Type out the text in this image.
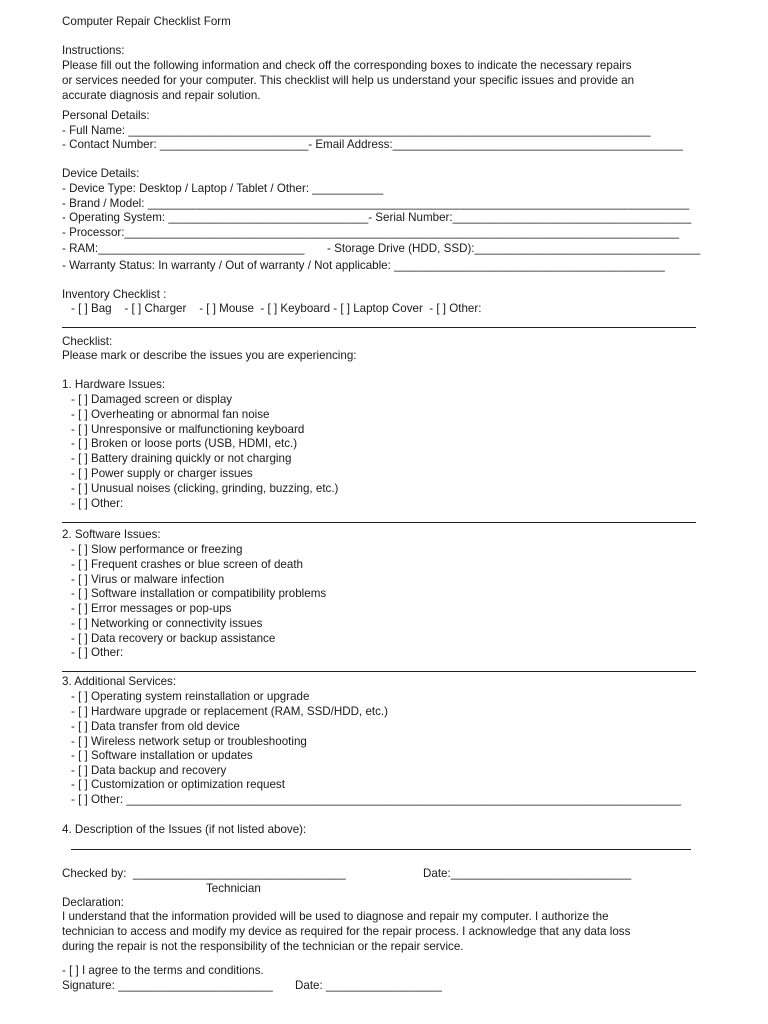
Computer Repair Checklist Form
Instructions:
Please fill out the following information and check off the corresponding boxes to indicate the necessary repairs
or services needed for your computer. This checklist will help us understand your specific issues and provide an
accurate diagnosis and repair solution.
Personal Details:
- Full Name: _________________________________________________________________________________
- Contact Number: _______________________- Email Address:_____________________________________________
Device Details:
- Device Type: Desktop / Laptop / Tablet / Other: ___________
- Brand / Model: ____________________________________________________________________________________
- Operating System: _______________________________- Serial Number:_____________________________________
- Processor:______________________________________________________________________________________
- RAM:________________________________ - Storage Drive (HDD, SSD):___________________________________
- Warranty Status: In warranty / Out of warranty / Not applicable: __________________________________________
Inventory Checklist :
- [ ] Bag    - [ ] Charger    - [ ] Mouse  - [ ] Keyboard - [ ] Laptop Cover  - [ ] Other:
Checklist:
Please mark or describe the issues you are experiencing:
1. Hardware Issues:
- [ ] Damaged screen or display
- [ ] Overheating or abnormal fan noise
- [ ] Unresponsive or malfunctioning keyboard
- [ ] Broken or loose ports (USB, HDMI, etc.)
- [ ] Battery draining quickly or not charging
- [ ] Power supply or charger issues
- [ ] Unusual noises (clicking, grinding, buzzing, etc.)
- [ ] Other:
2. Software Issues:
- [ ] Slow performance or freezing
- [ ] Frequent crashes or blue screen of death
- [ ] Virus or malware infection
- [ ] Software installation or compatibility problems
- [ ] Error messages or pop-ups
- [ ] Networking or connectivity issues
- [ ] Data recovery or backup assistance
- [ ] Other:
3. Additional Services:
- [ ] Operating system reinstallation or upgrade
- [ ] Hardware upgrade or replacement (RAM, SSD/HDD, etc.)
- [ ] Data transfer from old device
- [ ] Wireless network setup or troubleshooting
- [ ] Software installation or updates
- [ ] Data backup and recovery
- [ ] Customization or optimization request
- [ ] Other: ______________________________________________________________________________________
4. Description of the Issues (if not listed above):
Checked by:  _________________________________	Date:____________________________
Technician
Declaration:
I understand that the information provided will be used to diagnose and repair my computer. I authorize the
technician to access and modify my device as required for the repair process. I acknowledge that any data loss
during the repair is not the responsibility of the technician or the repair service.
- [ ] I agree to the terms and conditions.
Signature: ________________________ Date: __________________
